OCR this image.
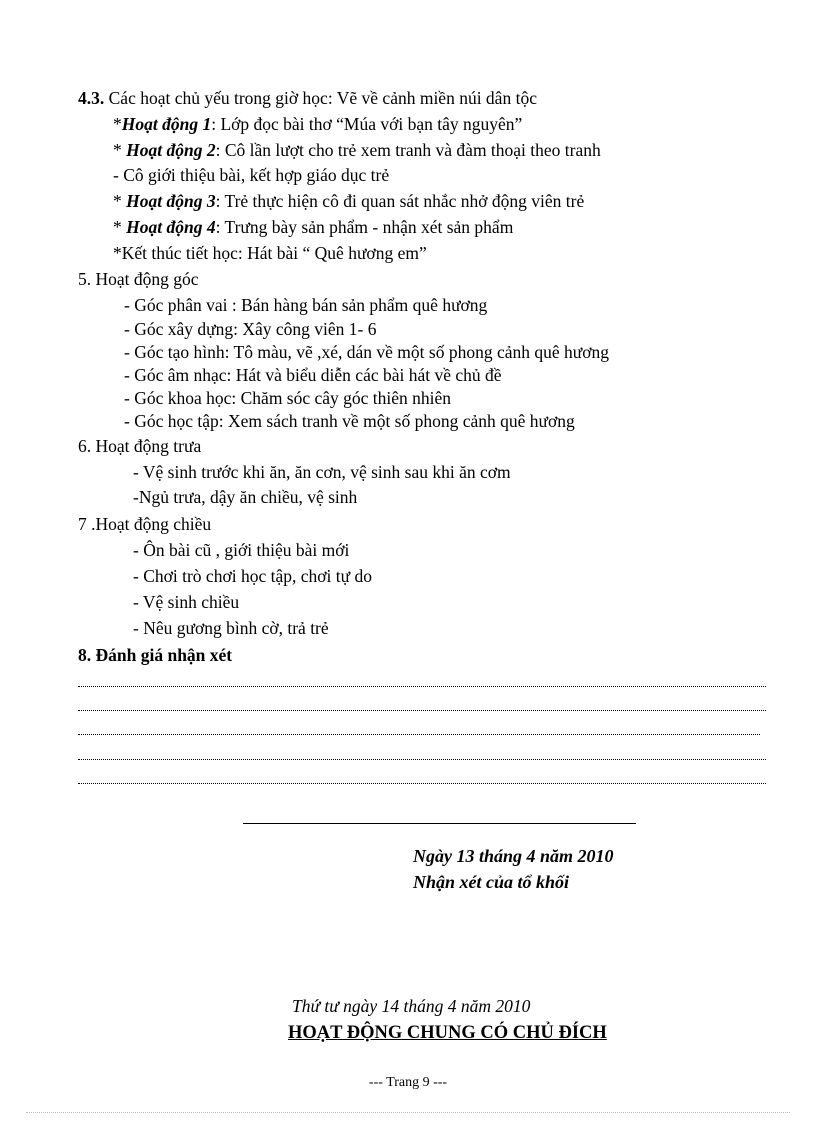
4.3. Các hoạt chủ yếu trong giờ học: Vẽ về cảnh miền núi dân tộc
*Hoạt động 1: Lớp đọc bài thơ “Múa với bạn tây nguyên”
* Hoạt động 2: Cô lần lượt cho trẻ xem tranh và đàm thoại theo tranh
- Cô giới thiệu bài, kết hợp giáo dục trẻ
* Hoạt động 3: Trẻ thực hiện cô đi quan sát nhắc nhở động viên trẻ
* Hoạt động 4: Trưng bày sản phẩm - nhận xét sản phẩm
*Kết thúc tiết học: Hát bài “ Quê hương em”
5. Hoạt động góc
- Góc phân vai : Bán hàng bán sản phẩm quê hương
- Góc xây dựng: Xây công viên 1- 6
- Góc tạo hình: Tô màu, vẽ ,xé, dán về một số phong cảnh quê hương
- Góc âm nhạc: Hát và biểu diễn các bài hát về chủ đề
- Góc khoa học: Chăm sóc cây góc thiên nhiên
- Góc học tập: Xem sách tranh về một số phong cảnh quê hương
6. Hoạt động trưa
- Vệ sinh trước khi ăn, ăn cơn, vệ sinh sau khi ăn cơm
-Ngủ trưa, dậy ăn chiều, vệ sinh
7 .Hoạt động chiều
- Ôn bài cũ , giới thiệu bài mới
- Chơi trò chơi học tập, chơi tự do
- Vệ sinh chiều
- Nêu gương bình cờ, trả trẻ
8. Đánh giá nhận xét
Ngày 13 tháng 4 năm 2010
Nhận xét của tổ khối
Thứ tư ngày 14 tháng 4 năm 2010
HOẠT ĐỘNG CHUNG CÓ CHỦ ĐÍCH
--- Trang 9 ---
